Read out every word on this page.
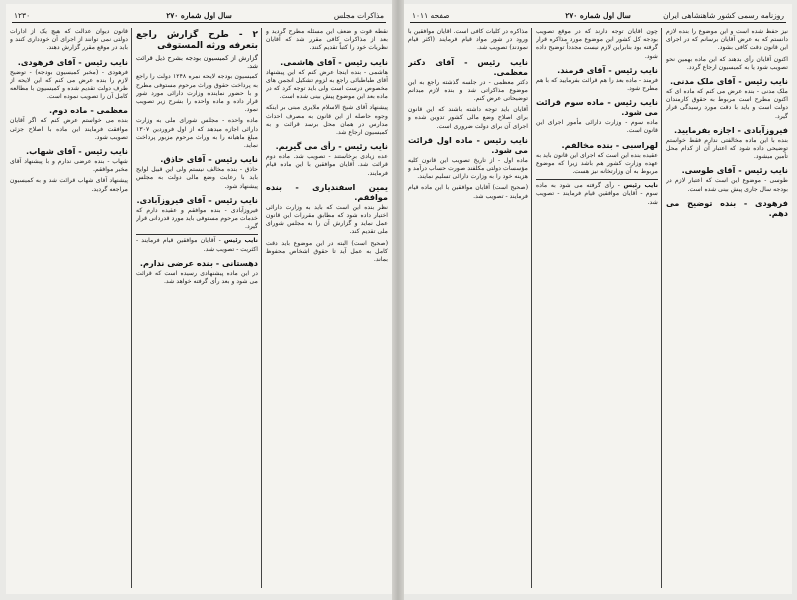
مذاکرات مجلس
سال اول شماره ۲۷۰
۱۲۳۰

نقطه قوت و ضعف این مسئله مطرح گردید و بعد از مذاکرات کافی مقرر شد که آقایان نظریات خود را کتباً تقدیم کنند.

نایب رئیس - آقای هاشمی.

هاشمی - بنده اینجا عرض کنم که این پیشنهاد آقای طباطبائی راجع به لزوم تشکیل انجمن های مخصوص درست است ولی باید توجه کرد که در ماده بعد این موضوع پیش بینی شده است.

پیشنهاد آقای شیخ الاسلام ملایری مبنی بر اینکه وجوه حاصله از این قانون به مصرف احداث مدارس در همان محل برسد قرائت و به کمیسیون ارجاع شد.

نایب رئیس - رأی می گیریم.

عده زیادی برخاستند - تصویب شد. ماده دوم قرائت شد. آقایان موافقین با این ماده قیام فرمایند.

یمین اسفندیاری - بنده موافقم.

نظر بنده این است که باید به وزارت دارائی اختیار داده شود که مطابق مقررات این قانون عمل نماید و گزارش آن را به مجلس شورای ملی تقدیم کند.

(صحیح است) البته در این موضوع باید دقت کامل به عمل آید تا حقوق اشخاص محفوظ بماند.

۲ - طرح گزارش راجع بتعرفه ورثه المستوفی

گزارش از کمیسیون بودجه بشرح ذیل قرائت شد.

کمیسیون بودجه لایحه نمره ۱۲۴۸ دولت را راجع به پرداخت حقوق وراث مرحوم مستوفی مطرح و با حضور نماینده وزارت دارائی مورد شور قرار داده و ماده واحده را بشرح زیر تصویب نمود.

ماده واحده - مجلس شورای ملی به وزارت دارائی اجازه میدهد که از اول فروردین ۱۳۰۷ مبلغ ماهیانه را به وراث مرحوم مزبور پرداخت نماید.

نایب رئیس - آقای حاذق.

حاذق - بنده مخالف نیستم ولی این قبیل لوایح باید با رعایت وضع مالی دولت به مجلس پیشنهاد شود.

نایب رئیس - آقای فیروزآبادی.

فیروزآبادی - بنده موافقم و عقیده دارم که خدمات مرحوم مستوفی باید مورد قدردانی قرار گیرد.

نایب رئیس - آقایان موافقین قیام فرمایند - اکثریت - تصویب شد.

دهستانی - بنده عرضی ندارم.

در این ماده پیشنهادی رسیده است که قرائت می شود و بعد رأی گرفته خواهد شد.

قانون دیوان عدالت که هیچ یک از ادارات دولتی نمی توانند از اجرای آن خودداری کنند و باید در موقع مقرر گزارش دهند.

نایب رئیس - آقای فرهودی.

فرهودی - (مخبر کمیسیون بودجه) - توضیح لازم را بنده عرض می کنم که این لایحه از طرف دولت تقدیم شده و کمیسیون با مطالعه کامل آن را تصویب نموده است.

معظمی - ماده دوم.

بنده می خواستم عرض کنم که اگر آقایان موافقت فرمایند این ماده با اصلاح جزئی تصویب شود.

نایب رئیس - آقای شهاب.

شهاب - بنده عرضی ندارم و با پیشنهاد آقای مخبر موافقم.

پیشنهاد آقای شهاب قرائت شد و به کمیسیون مراجعه گردید.

روزنامه رسمی کشور شاهنشاهی ایران
سال اول شماره ۲۷۰
صفحه ۱۰۱۱

نیز حفظ شده است و این موضوع را بنده لازم دانستم که به عرض آقایان برسانم که در اجرای این قانون دقت کافی بشود.

اکنون آقایان رأی بدهند که این ماده بهمین نحو تصویب شود یا به کمیسیون ارجاع گردد.

نایب رئیس - آقای ملک مدنی.

ملک مدنی - بنده عرض می کنم که ماده ای که اکنون مطرح است مربوط به حقوق کارمندان دولت است و باید با دقت مورد رسیدگی قرار گیرد.

فیروزآبادی - اجازه بفرمایید.

بنده با این ماده مخالفتی ندارم فقط خواستم توضیحی داده شود که اعتبار آن از کدام محل تأمین میشود.

نایب رئیس - آقای طوسی.

طوسی - موضوع این است که اعتبار لازم در بودجه سال جاری پیش بینی شده است.

فرهودی - بنده توضیح می دهم.

چون آقایان توجه دارند که در موقع تصویب بودجه کل کشور این موضوع مورد مذاکره قرار گرفته بود بنابراین لازم نیست مجدداً توضیح داده شود.

نایب رئیس - آقای فرمند.

فرمند - ماده بعد را هم قرائت بفرمایید که با هم مطرح شود.

نایب رئیس - ماده سوم قرائت می شود.

ماده سوم - وزارت دارائی مأمور اجرای این قانون است.

لهراسبی - بنده مخالفم.

عقیده بنده این است که اجرای این قانون باید به عهده وزارت کشور هم باشد زیرا که موضوع مربوط به آن وزارتخانه نیز هست.

نایب رئیس - رأی گرفته می شود به ماده سوم - آقایان موافقین قیام فرمایند - تصویب شد.

مذاکره در کلیات کافی است. آقایان موافقین با ورود در شور مواد قیام فرمایند (اکثر قیام نمودند) تصویب شد.

نایب رئیس - آقای دکتر معظمی.

دکتر معظمی - در جلسه گذشته راجع به این موضوع مذاکراتی شد و بنده لازم میدانم توضیحاتی عرض کنم.

آقایان باید توجه داشته باشند که این قانون برای اصلاح وضع مالی کشور تدوین شده و اجرای آن برای دولت ضروری است.

نایب رئیس - ماده اول قرائت می شود.

ماده اول - از تاریخ تصویب این قانون کلیه مؤسسات دولتی مکلفند صورت حساب درآمد و هزینه خود را به وزارت دارائی تسلیم نمایند.

(صحیح است) آقایان موافقین با این ماده قیام فرمایند - تصویب شد.
